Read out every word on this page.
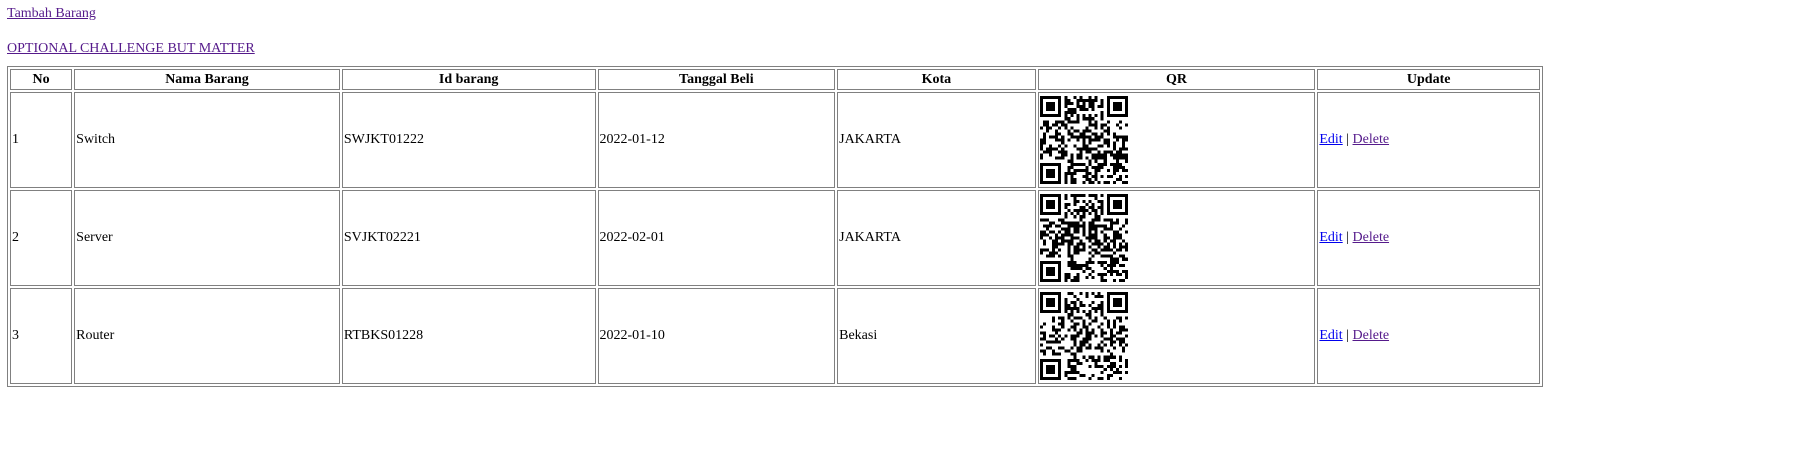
Tambah Barang
OPTIONAL CHALLENGE BUT MATTER
No	Nama Barang	Id barang	Tanggal Beli	Kota	QR	Update
1	Switch	SWJKT01222	2022-01-12	JAKARTA		Edit | Delete
2	Server	SVJKT02221	2022-02-01	JAKARTA		Edit | Delete
3	Router	RTBKS01228	2022-01-10	Bekasi		Edit | Delete
